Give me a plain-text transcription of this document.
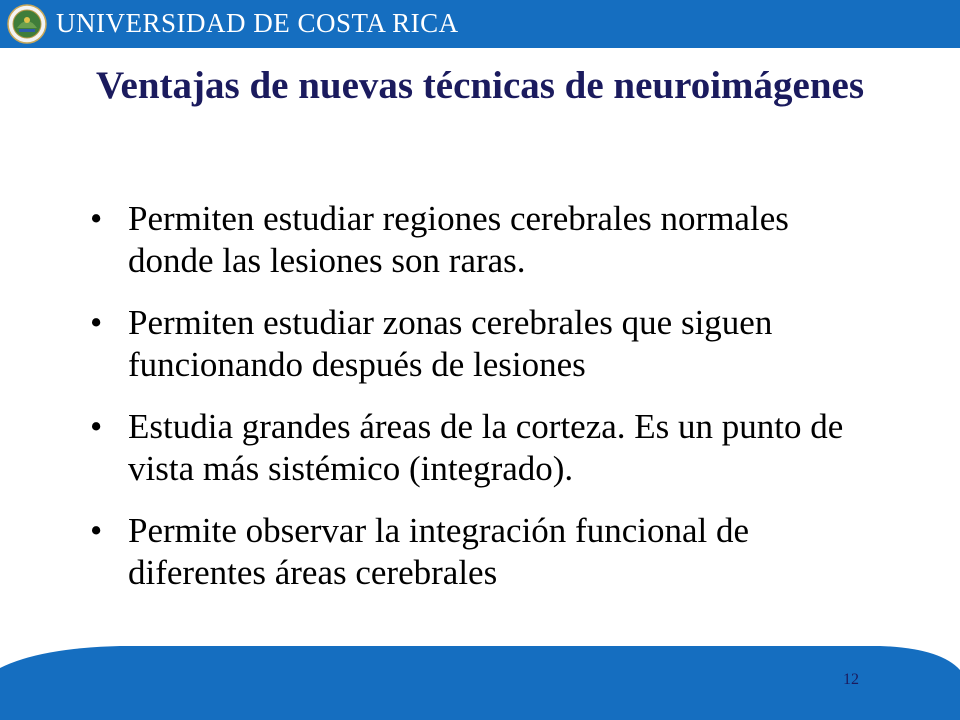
UNIVERSIDAD DE COSTA RICA
Ventajas de nuevas técnicas de neuroimágenes
• Permiten estudiar regiones cerebrales normales donde las lesiones son raras.
• Permiten estudiar zonas cerebrales que siguen funcionando después de lesiones
• Estudia grandes áreas de la corteza. Es un punto de vista más sistémico (integrado).
• Permite observar la integración funcional de diferentes áreas cerebrales
12
